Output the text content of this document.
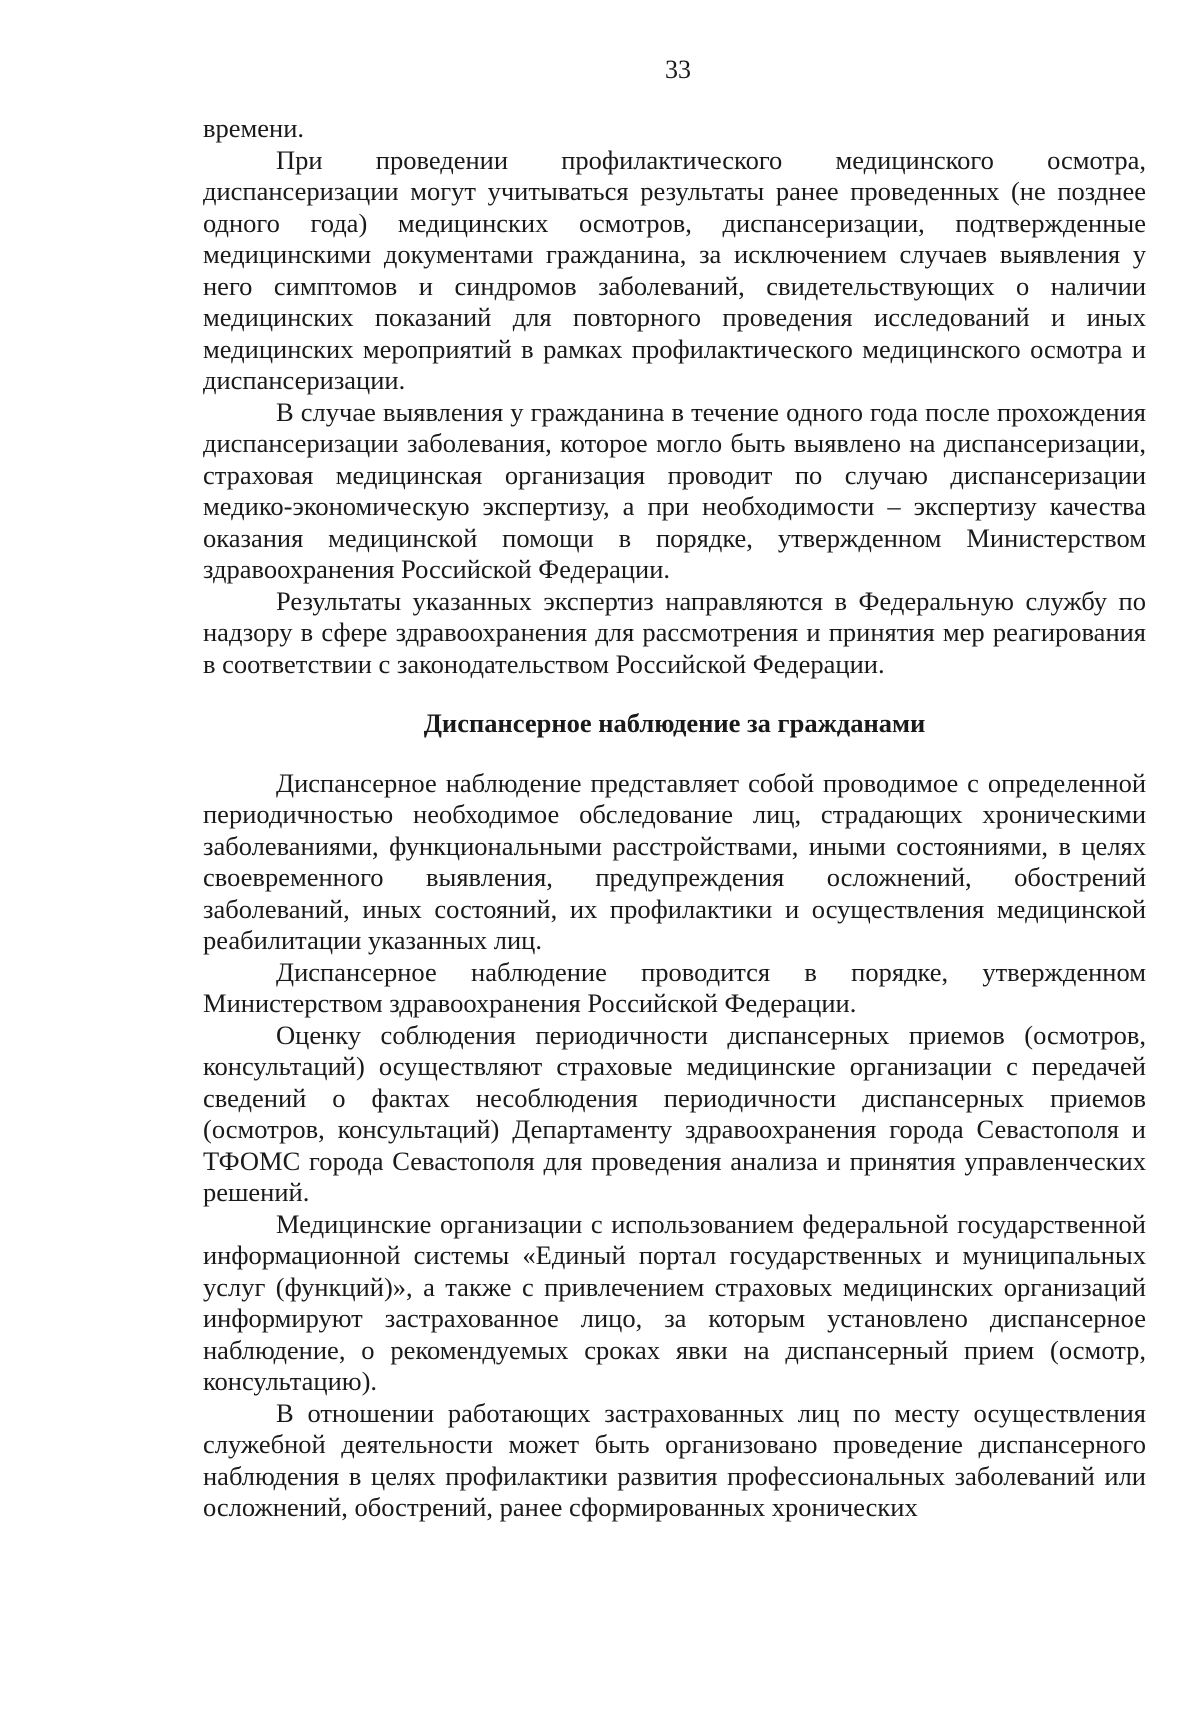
33

времени.

При проведении профилактического медицинского осмотра, диспансеризации могут учитываться результаты ранее проведенных (не позднее одного года) медицинских осмотров, диспансеризации, подтвержденные медицинскими документами гражданина, за исключением случаев выявления у него симптомов и синдромов заболеваний, свидетельствующих о наличии медицинских показаний для повторного проведения исследований и иных медицинских мероприятий в рамках профилактического медицинского осмотра и диспансеризации.

В случае выявления у гражданина в течение одного года после прохождения диспансеризации заболевания, которое могло быть выявлено на диспансеризации, страховая медицинская организация проводит по случаю диспансеризации медико-экономическую экспертизу, а при необходимости – экспертизу качества оказания медицинской помощи в порядке, утвержденном Министерством здравоохранения Российской Федерации.

Результаты указанных экспертиз направляются в Федеральную службу по надзору в сфере здравоохранения для рассмотрения и принятия мер реагирования в соответствии с законодательством Российской Федерации.

Диспансерное наблюдение за гражданами

Диспансерное наблюдение представляет собой проводимое с определенной периодичностью необходимое обследование лиц, страдающих хроническими заболеваниями, функциональными расстройствами, иными состояниями, в целях своевременного выявления, предупреждения осложнений, обострений заболеваний, иных состояний, их профилактики и осуществления медицинской реабилитации указанных лиц.

Диспансерное наблюдение проводится в порядке, утвержденном Министерством здравоохранения Российской Федерации.

Оценку соблюдения периодичности диспансерных приемов (осмотров, консультаций) осуществляют страховые медицинские организации с передачей сведений о фактах несоблюдения периодичности диспансерных приемов (осмотров, консультаций) Департаменту здравоохранения города Севастополя и ТФОМС города Севастополя для проведения анализа и принятия управленческих решений.

Медицинские организации с использованием федеральной государственной информационной системы «Единый портал государственных и муниципальных услуг (функций)», а также с привлечением страховых медицинских организаций информируют застрахованное лицо, за которым установлено диспансерное наблюдение, о рекомендуемых сроках явки на диспансерный прием (осмотр, консультацию).

В отношении работающих застрахованных лиц по месту осуществления служебной деятельности может быть организовано проведение диспансерного наблюдения в целях профилактики развития профессиональных заболеваний или осложнений, обострений, ранее сформированных хронических
